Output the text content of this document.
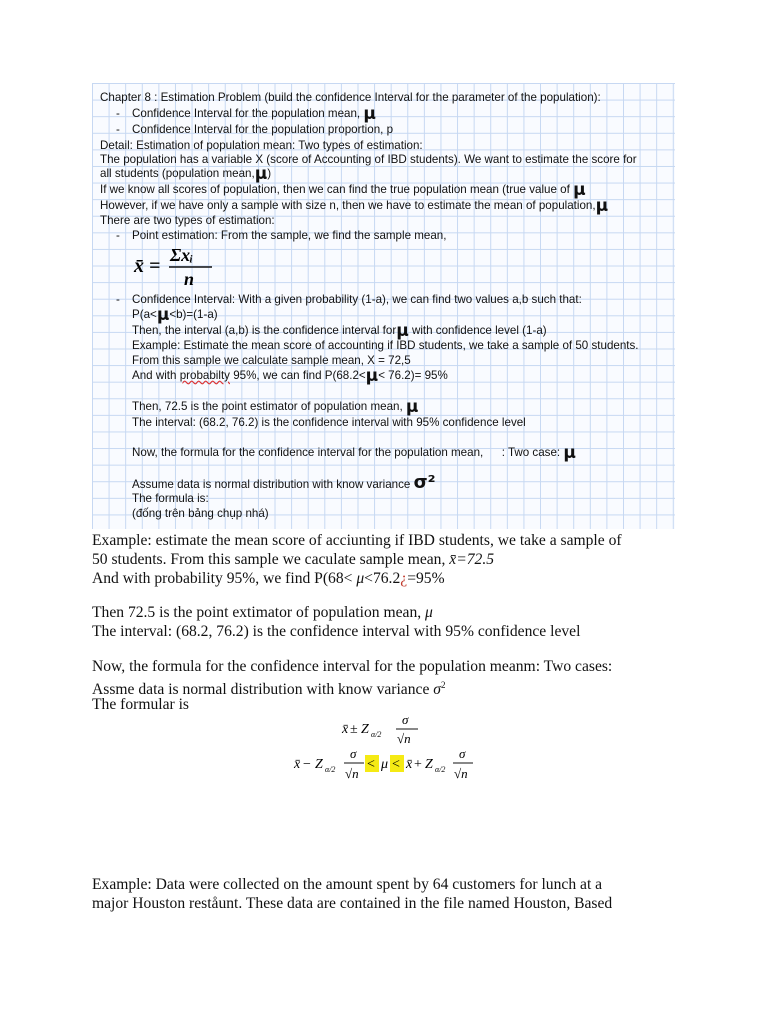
Chapter 8 : Estimation Problem (build the confidence Interval for the parameter of the population):
- Confidence Interval for the population mean, μ
- Confidence Interval for the population proportion, p
Detail: Estimation of population mean: Two types of estimation:
The population has a variable X (score of Accounting of IBD students). We want to estimate the score for
all students (population mean,μ)
If we know all scores of population, then we can find the true population mean (true value of μ
However, if we have only a sample with size n, then we have to estimate the mean of population,μ
There are two types of estimation:
- Point estimation: From the sample, we find the sample mean,
x̄ = Σxᵢ
n
- Confidence Interval: With a given probability (1-a), we can find two values a,b such that:
P(a<μ<b)=(1-a)
Then, the interval (a,b) is the confidence interval forμ with confidence level (1-a)
Example: Estimate the mean score of accounting if IBD students, we take a sample of 50 students.
From this sample we calculate sample mean, X = 72,5
And with probabilty 95%, we can find P(68.2<μ< 76.2)= 95%
Then, 72.5 is the point estimator of population mean, μ
The interval: (68.2, 76.2) is the confidence interval with 95% confidence level
Now, the formula for the confidence interval for the population mean, : Two case: μ
Assume data is normal distribution with know variance σ²
The formula is:
(đống trên bảng chụp nhá)
Example: estimate the mean score of acciunting if IBD students, we take a sample of
50 students. From this sample we caculate sample mean, x̄=72.5
And with probability 95%, we find P(68< μ<76.2¿=95%
Then 72.5 is the point extimator of population mean, μ
The interval: (68.2, 76.2) is the confidence interval with 95% confidence level
Now, the formula for the confidence interval for the population meanm: Two cases:
Assme data is normal distribution with know variance $\sigma^2$
The formular is
x̄ ± Z α/2
σ
√n
x̄ − Z α/2
σ
√n
< μ < x̄ + Z α/2
σ
√n
Example: Data were collected on the amount spent by 64 customers for lunch at a
major Houston reståunt. These data are contained in the file named Houston, Based
